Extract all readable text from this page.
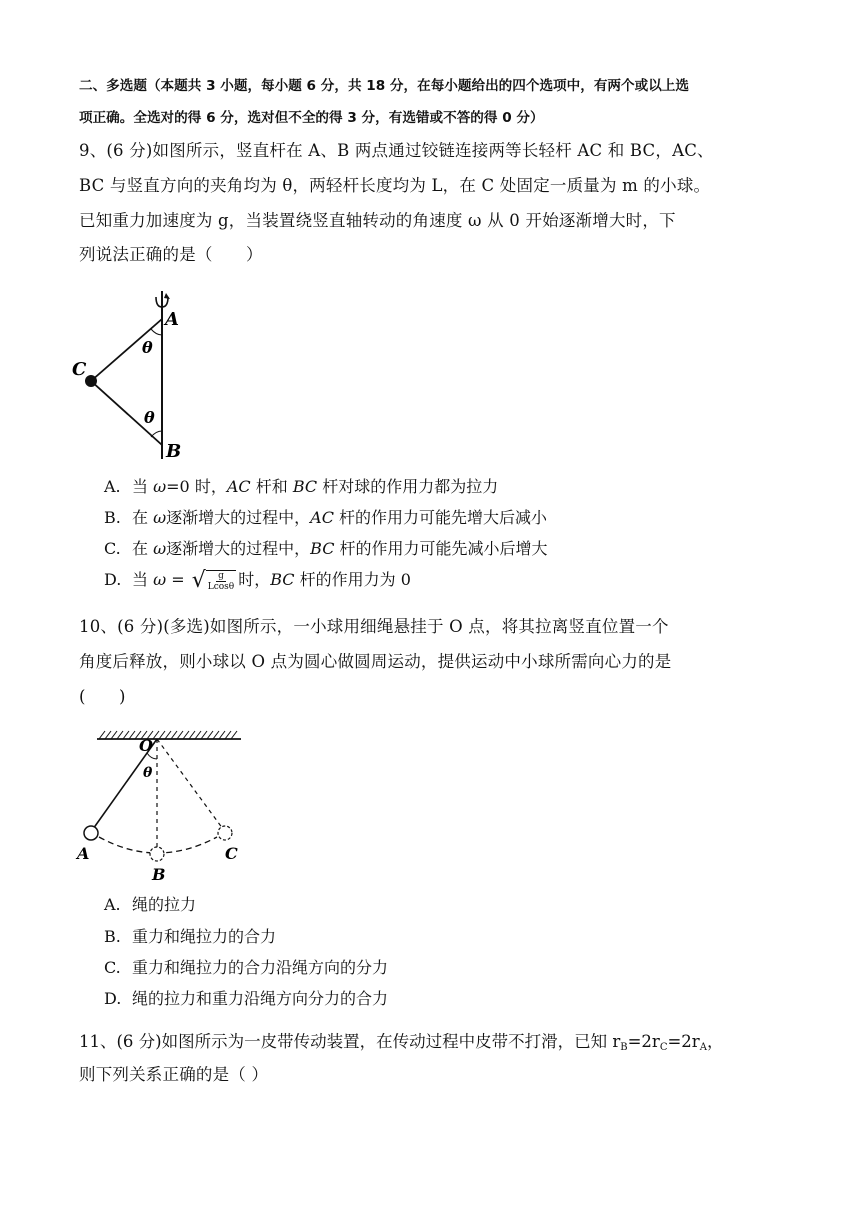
二、多选题（本题共 3 小题，每小题 6 分，共 18 分，在每小题给出的四个选项中，有两个或以上选
项正确。全选对的得 6 分，选对但不全的得 3 分，有选错或不答的得 0 分）
9、(6 分)如图所示，竖直杆在 A、B 两点通过铰链连接两等长轻杆 AC 和 BC，AC、
BC 与竖直方向的夹角均为 θ，两轻杆长度均为 L，在 C 处固定一质量为 m 的小球。
已知重力加速度为 g，当装置绕竖直轴转动的角速度 ω 从 0 开始逐渐增大时，下
列说法正确的是（　　）
A
B
C
θ
θ
A. 当 ω=0 时，AC 杆和 BC 杆对球的作用力都为拉力
B. 在 ω逐渐增大的过程中，AC 杆的作用力可能先增大后减小
C. 在 ω逐渐增大的过程中，BC 杆的作用力可能先减小后增大
D. 当 ω = √ $\frac{g}{Lcos\theta}$ 时，BC 杆的作用力为 0
10、(6 分)(多选)如图所示，一小球用细绳悬挂于 O 点，将其拉离竖直位置一个
角度后释放，则小球以 O 点为圆心做圆周运动，提供运动中小球所需向心力的是
(　　)
O
θ
A
B
C
A. 绳的拉力
B. 重力和绳拉力的合力
C. 重力和绳拉力的合力沿绳方向的分力
D. 绳的拉力和重力沿绳方向分力的合力
11、(6 分)如图所示为一皮带传动装置，在传动过程中皮带不打滑，已知 $r_B=2r_C=2r_A$，
则下列关系正确的是（ ）
